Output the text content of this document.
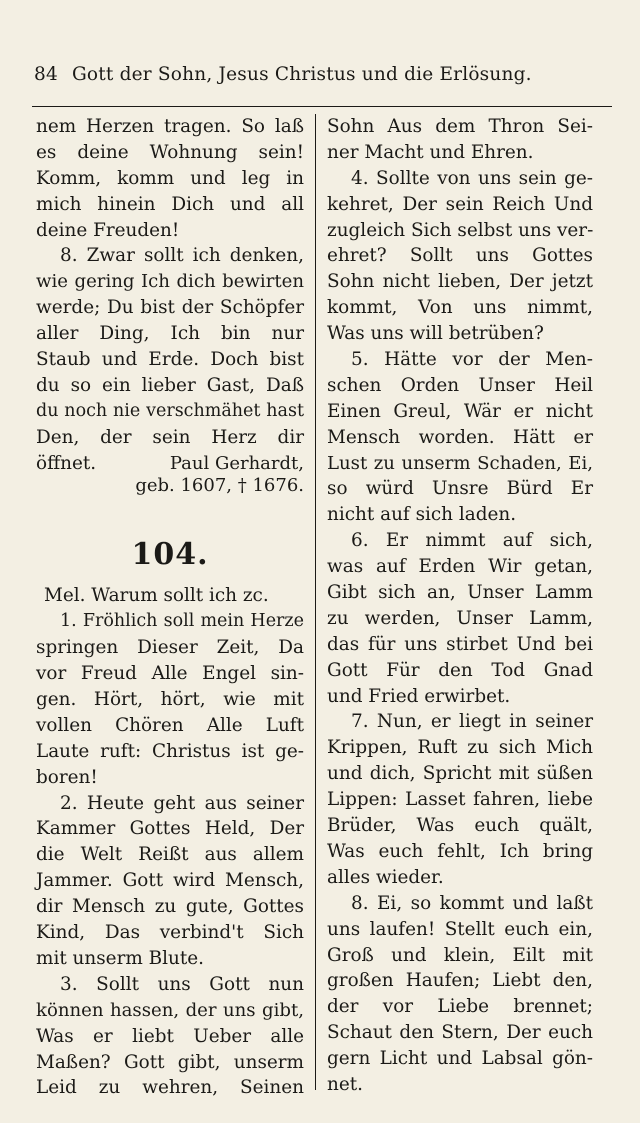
84 Gott der Sohn, Jesus Christus und die Erlösung.
nem Herzen tragen. So laß
es deine Wohnung sein!
Komm, komm und leg in
mich hinein Dich und all
deine Freuden!
8. Zwar sollt ich denken,
wie gering Ich dich bewirten
werde; Du bist der Schöpfer
aller Ding, Ich bin nur
Staub und Erde. Doch bist
du so ein lieber Gast, Daß
du noch nie verschmähet hast
Den, der sein Herz dir
öffnet.	Paul Gerhardt,
geb. 1607, † 1676.
104.
Mel. Warum sollt ich zc.
1. Fröhlich soll mein Herze
springen Dieser Zeit, Da
vor Freud Alle Engel sin-
gen. Hört, hört, wie mit
vollen Chören Alle Luft
Laute ruft: Christus ist ge-
boren!
2. Heute geht aus seiner
Kammer Gottes Held, Der
die Welt Reißt aus allem
Jammer. Gott wird Mensch,
dir Mensch zu gute, Gottes
Kind, Das verbind't Sich
mit unserm Blute.
3. Sollt uns Gott nun
können hassen, der uns gibt,
Was er liebt Ueber alle
Maßen? Gott gibt, unserm
Leid zu wehren, Seinen
Sohn Aus dem Thron Sei-
ner Macht und Ehren.
4. Sollte von uns sein ge-
kehret, Der sein Reich Und
zugleich Sich selbst uns ver-
ehret? Sollt uns Gottes
Sohn nicht lieben, Der jetzt
kommt, Von uns nimmt,
Was uns will betrüben?
5. Hätte vor der Men-
schen Orden Unser Heil
Einen Greul, Wär er nicht
Mensch worden. Hätt er
Lust zu unserm Schaden, Ei,
so würd Unsre Bürd Er
nicht auf sich laden.
6. Er nimmt auf sich,
was auf Erden Wir getan,
Gibt sich an, Unser Lamm
zu werden, Unser Lamm,
das für uns stirbet Und bei
Gott Für den Tod Gnad
und Fried erwirbet.
7. Nun, er liegt in seiner
Krippen, Ruft zu sich Mich
und dich, Spricht mit süßen
Lippen: Lasset fahren, liebe
Brüder, Was euch quält,
Was euch fehlt, Ich bring
alles wieder.
8. Ei, so kommt und laßt
uns laufen! Stellt euch ein,
Groß und klein, Eilt mit
großen Haufen; Liebt den,
der vor Liebe brennet;
Schaut den Stern, Der euch
gern Licht und Labsal gön-
net.
